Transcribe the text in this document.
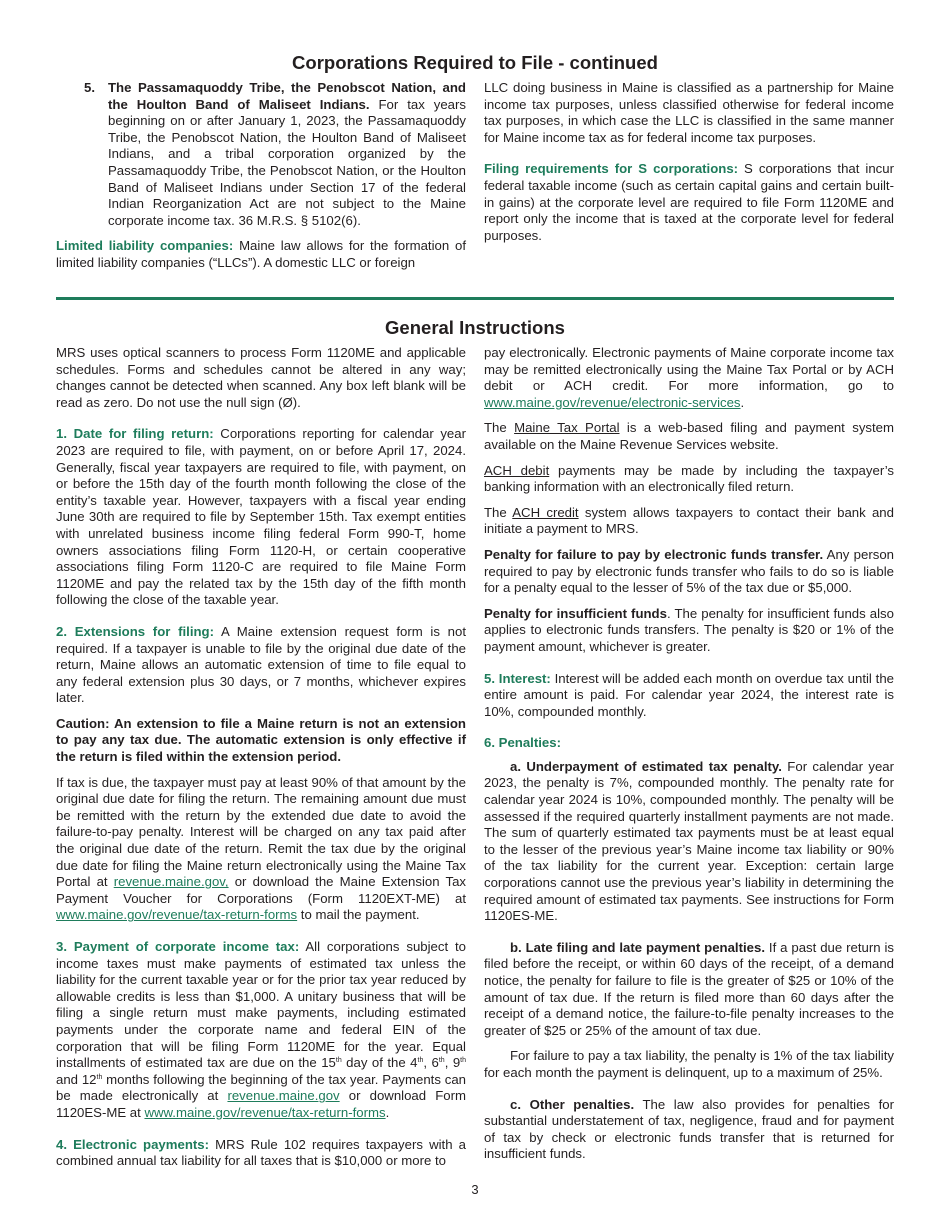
Corporations Required to File - continued

5. The Passamaquoddy Tribe, the Penobscot Nation, and the Houlton Band of Maliseet Indians. For tax years beginning on or after January 1, 2023, the Passamaquoddy Tribe, the Penobscot Nation, the Houlton Band of Maliseet Indians, and a tribal corporation organized by the Passamaquoddy Tribe, the Penobscot Nation, or the Houlton Band of Maliseet Indians under Section 17 of the federal Indian Reorganization Act are not subject to the Maine corporate income tax. 36 M.R.S. § 5102(6).

Limited liability companies: Maine law allows for the formation of limited liability companies (“LLCs”). A domestic LLC or foreign

LLC doing business in Maine is classified as a partnership for Maine income tax purposes, unless classified otherwise for federal income tax purposes, in which case the LLC is classified in the same manner for Maine income tax as for federal income tax purposes.

Filing requirements for S corporations: S corporations that incur federal taxable income (such as certain capital gains and certain built-in gains) at the corporate level are required to file Form 1120ME and report only the income that is taxed at the corporate level for federal purposes.

General Instructions

MRS uses optical scanners to process Form 1120ME and applicable schedules. Forms and schedules cannot be altered in any way; changes cannot be detected when scanned. Any box left blank will be read as zero. Do not use the null sign (Ø).

1. Date for filing return: Corporations reporting for calendar year 2023 are required to file, with payment, on or before April 17, 2024. Generally, fiscal year taxpayers are required to file, with payment, on or before the 15th day of the fourth month following the close of the entity’s taxable year. However, taxpayers with a fiscal year ending June 30th are required to file by September 15th. Tax exempt entities with unrelated business income filing federal Form 990-T, home owners associations filing Form 1120-H, or certain cooperative associations filing Form 1120-C are required to file Maine Form 1120ME and pay the related tax by the 15th day of the fifth month following the close of the taxable year.

2. Extensions for filing: A Maine extension request form is not required. If a taxpayer is unable to file by the original due date of the return, Maine allows an automatic extension of time to file equal to any federal extension plus 30 days, or 7 months, whichever expires later.

Caution: An extension to file a Maine return is not an extension to pay any tax due. The automatic extension is only effective if the return is filed within the extension period.

If tax is due, the taxpayer must pay at least 90% of that amount by the original due date for filing the return. The remaining amount due must be remitted with the return by the extended due date to avoid the failure-to-pay penalty. Interest will be charged on any tax paid after the original due date of the return. Remit the tax due by the original due date for filing the Maine return electronically using the Maine Tax Portal at revenue.maine.gov, or download the Maine Extension Tax Payment Voucher for Corporations (Form 1120EXT-ME) at www.maine.gov/revenue/tax-return-forms to mail the payment.

3. Payment of corporate income tax: All corporations subject to income taxes must make payments of estimated tax unless the liability for the current taxable year or for the prior tax year reduced by allowable credits is less than $1,000. A unitary business that will be filing a single return must make payments, including estimated payments under the corporate name and federal EIN of the corporation that will be filing Form 1120ME for the year. Equal installments of estimated tax are due on the 15th day of the 4th, 6th, 9th and 12th months following the beginning of the tax year. Payments can be made electronically at revenue.maine.gov or download Form 1120ES-ME at www.maine.gov/revenue/tax-return-forms.

4. Electronic payments: MRS Rule 102 requires taxpayers with a combined annual tax liability for all taxes that is $10,000 or more to

pay electronically. Electronic payments of Maine corporate income tax may be remitted electronically using the Maine Tax Portal or by ACH debit or ACH credit. For more information, go to www.maine.gov/revenue/electronic-services.

The Maine Tax Portal is a web-based filing and payment system available on the Maine Revenue Services website.

ACH debit payments may be made by including the taxpayer’s banking information with an electronically filed return.

The ACH credit system allows taxpayers to contact their bank and initiate a payment to MRS.

Penalty for failure to pay by electronic funds transfer. Any person required to pay by electronic funds transfer who fails to do so is liable for a penalty equal to the lesser of 5% of the tax due or $5,000.

Penalty for insufficient funds. The penalty for insufficient funds also applies to electronic funds transfers. The penalty is $20 or 1% of the payment amount, whichever is greater.

5. Interest: Interest will be added each month on overdue tax until the entire amount is paid. For calendar year 2024, the interest rate is 10%, compounded monthly.

6. Penalties:

a. Underpayment of estimated tax penalty. For calendar year 2023, the penalty is 7%, compounded monthly. The penalty rate for calendar year 2024 is 10%, compounded monthly. The penalty will be assessed if the required quarterly installment payments are not made. The sum of quarterly estimated tax payments must be at least equal to the lesser of the previous year’s Maine income tax liability or 90% of the tax liability for the current year. Exception: certain large corporations cannot use the previous year’s liability in determining the required amount of estimated tax payments. See instructions for Form 1120ES-ME.

b. Late filing and late payment penalties. If a past due return is filed before the receipt, or within 60 days of the receipt, of a demand notice, the penalty for failure to file is the greater of $25 or 10% of the amount of tax due. If the return is filed more than 60 days after the receipt of a demand notice, the failure-to-file penalty increases to the greater of $25 or 25% of the amount of tax due.

For failure to pay a tax liability, the penalty is 1% of the tax liability for each month the payment is delinquent, up to a maximum of 25%.

c. Other penalties. The law also provides for penalties for substantial understatement of tax, negligence, fraud and for payment of tax by check or electronic funds transfer that is returned for insufficient funds.

3
